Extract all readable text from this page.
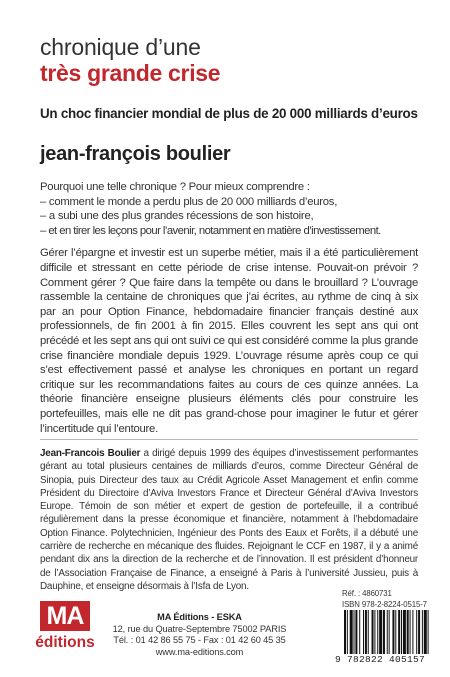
chronique d’une
très grande crise
Un choc financier mondial de plus de 20 000 milliards d’euros
jean-françois boulier
Pourquoi une telle chronique ? Pour mieux comprendre :
– comment le monde a perdu plus de 20 000 milliards d’euros,
– a subi une des plus grandes récessions de son histoire,
– et en tirer les leçons pour l’avenir, notamment en matière d’investissement.

Gérer l’épargne et investir est un superbe métier, mais il a été particulièrement difficile et stressant en cette période de crise intense. Pouvait-on prévoir ? Comment gérer ? Que faire dans la tempête ou dans le brouillard ? L’ouvrage rassemble la centaine de chroniques que j’ai écrites, au rythme de cinq à six par an pour Option Finance, hebdomadaire financier français destiné aux professionnels, de fin 2001 à fin 2015. Elles couvrent les sept ans qui ont précédé et les sept ans qui ont suivi ce qui est considéré comme la plus grande crise financière mondiale depuis 1929. L’ouvrage résume après coup ce qui s’est effectivement passé et analyse les chroniques en portant un regard critique sur les recommandations faites au cours de ces quinze années. La théorie financière enseigne plusieurs éléments clés pour construire les portefeuilles, mais elle ne dit pas grand-chose pour imaginer le futur et gérer l’incertitude qui l’entoure.

Jean-Francois Boulier a dirigé depuis 1999 des équipes d’investissement performantes gérant au total plusieurs centaines de milliards d’euros, comme Directeur Général de Sinopia, puis Directeur des taux au Crédit Agricole Asset Management et enfin comme Président du Directoire d’Aviva Investors France et Directeur Général d’Aviva Investors Europe. Témoin de son métier et expert de gestion de portefeuille, il a contribué régulièrement dans la presse économique et financière, notamment à l’hebdomadaire Option Finance. Polytechnicien, Ingénieur des Ponts des Eaux et Forêts, il a débuté une carrière de recherche en mécanique des fluides. Rejoignant le CCF en 1987, il y a animé pendant dix ans la direction de la recherche et de l’innovation. Il est président d’honneur de l’Association Française de Finance, a enseigné à Paris à l’université Jussieu, puis à Dauphine, et enseigne désormais à l’Isfa de Lyon.
MA
éditions
MA Éditions - ESKA
12, rue du Quatre-Septembre 75002 PARIS
Tél. : 01 42 86 55 75 - Fax : 01 42 60 45 35
www.ma-editions.com
Réf. : 4860731
ISBN 978-2-8224-0515-7
9 782822 405157
